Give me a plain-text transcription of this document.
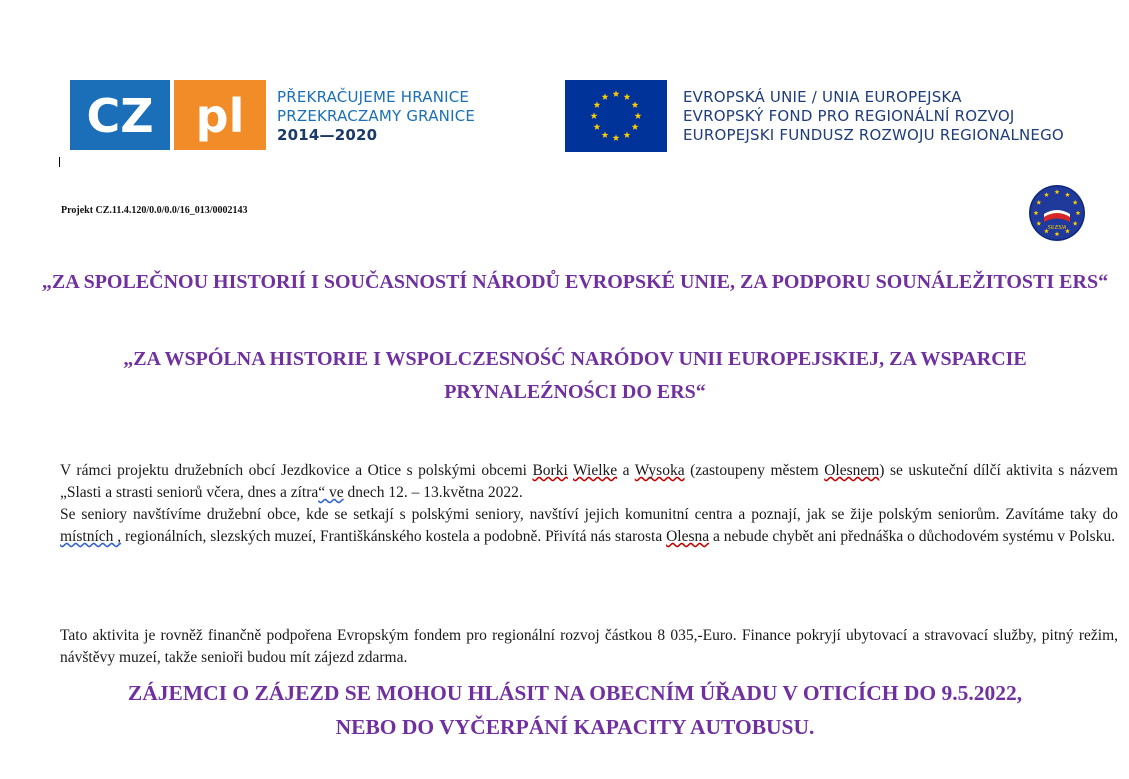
CZ pl PŘEKRAČUJEME HRANICE
PRZEKRACZAMY GRANICE
2014—2020
EVROPSKÁ UNIE / UNIA EUROPEJSKA
EVROPSKÝ FOND PRO REGIONÁLNÍ ROZVOJ
EUROPEJSKI FUNDUSZ ROZWOJU REGIONALNEGO
Projekt CZ.11.4.120/0.0/0.0/16_013/0002143
SILESIA
„ZA SPOLEČNOU HISTORIÍ I SOUČASNOSTÍ NÁRODŮ EVROPSKÉ UNIE, ZA PODPORU SOUNÁLEŽITOSTI ERS“
„ZA WSPÓLNA HISTORIE I WSPOLCZESNOŚĆ NARÓDOV UNII EUROPEJSKIEJ, ZA WSPARCIE PRYNALEŹNOŚCI DO ERS“
V rámci projektu družebních obcí Jezdkovice a Otice s polskými obcemi Borki Wielke a Wysoka (zastoupeny městem Olesnem) se uskuteční dílčí aktivita s názvem „Slasti a strasti seniorů včera, dnes a zítra“ ve dnech 12. – 13.května 2022.
Se seniory navštívíme družební obce, kde se setkají s polskými seniory, navštíví jejich komunitní centra a poznají, jak se žije polským seniorům. Zavítáme taky do místních , regionálních, slezských muzeí, Františkánského kostela a podobně. Přivítá nás starosta Olesna a nebude chybět ani přednáška o důchodovém systému v Polsku.
Tato aktivita je rovněž finančně podpořena Evropským fondem pro regionální rozvoj částkou 8 035,-Euro. Finance pokryjí ubytovací a stravovací služby, pitný režim, návštěvy muzeí, takže senioři budou mít zájezd zdarma.
ZÁJEMCI O ZÁJEZD SE MOHOU HLÁSIT NA OBECNÍM ÚŘADU V OTICÍCH DO 9.5.2022,
NEBO DO VYČERPÁNÍ KAPACITY AUTOBUSU.
